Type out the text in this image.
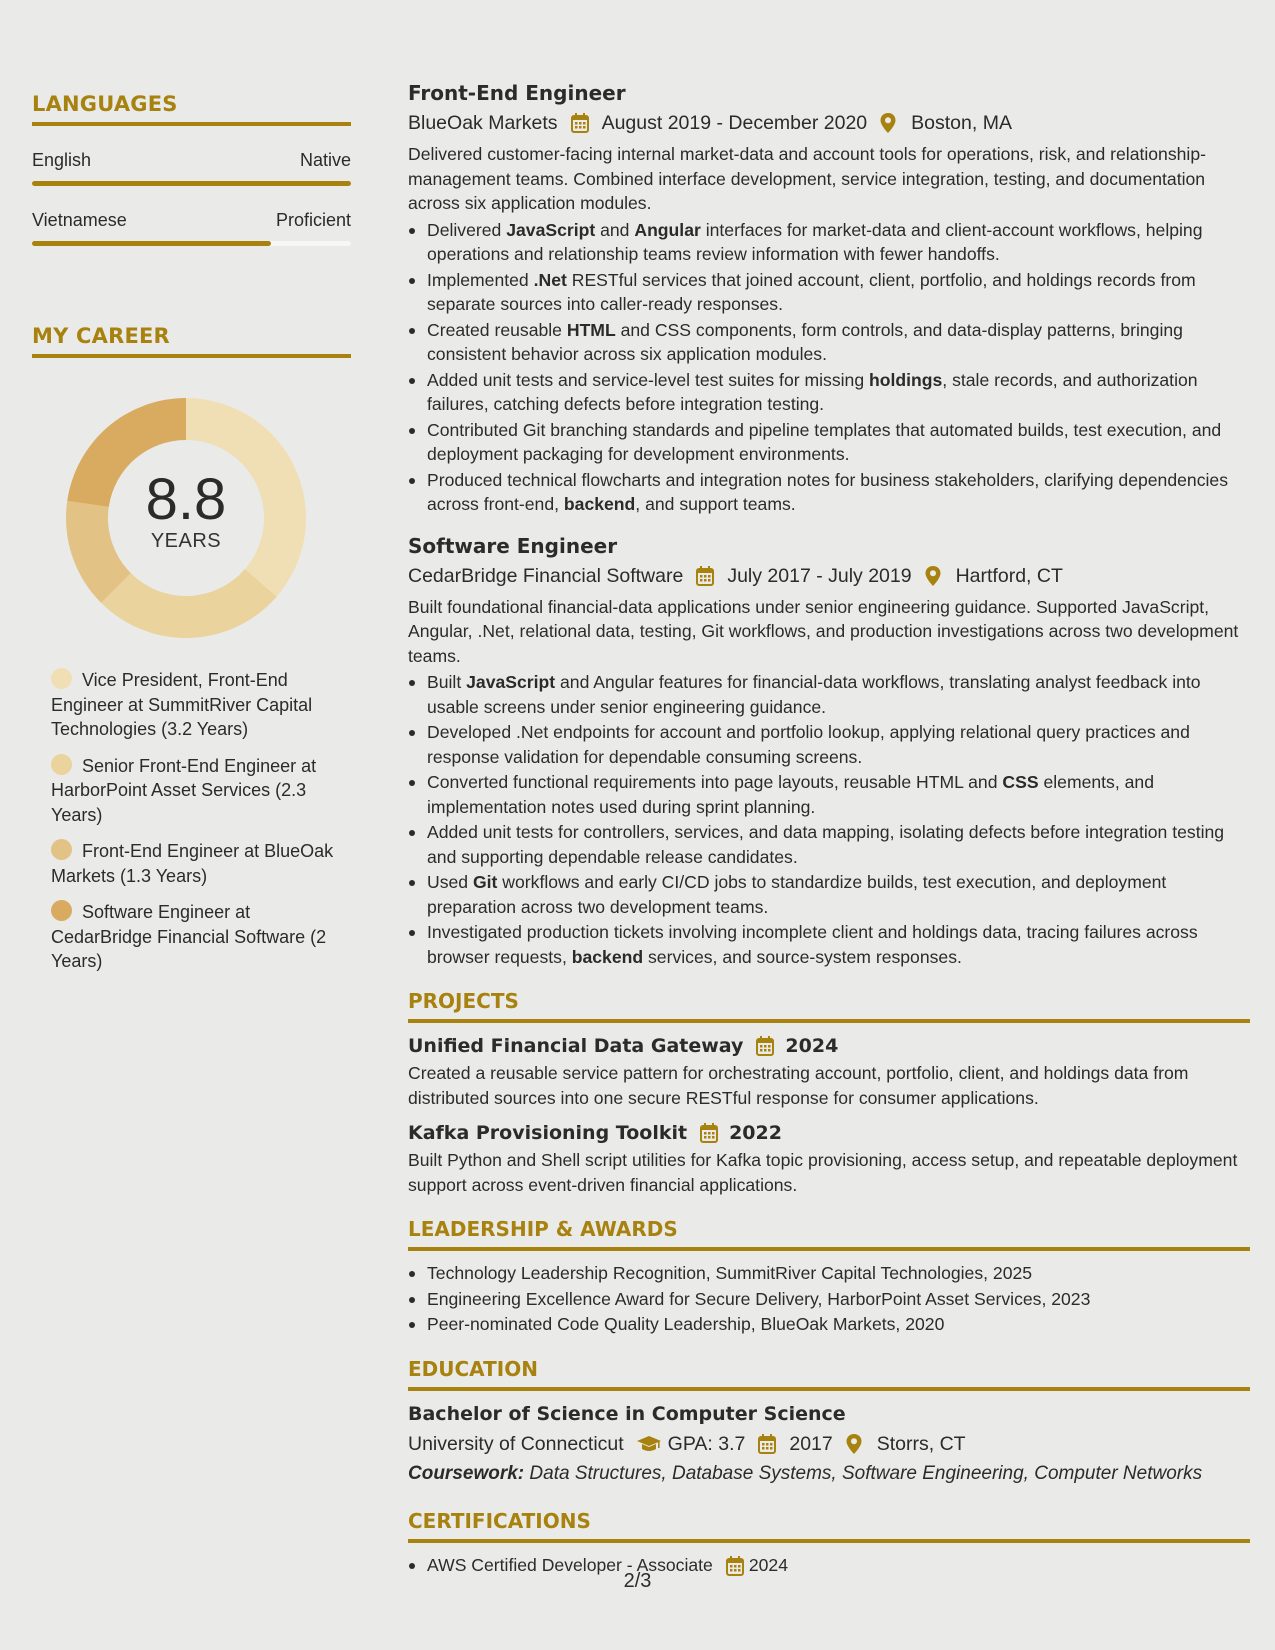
LANGUAGES
English	Native
Vietnamese	Proficient
MY CAREER
8.8
YEARS
Vice President, Front-End Engineer at SummitRiver Capital Technologies (3.2 Years)
Senior Front-End Engineer at HarborPoint Asset Services (2.3 Years)
Front-End Engineer at BlueOak Markets (1.3 Years)
Software Engineer at CedarBridge Financial Software (2 Years)
Front-End Engineer
BlueOak Markets August 2019 - December 2020 Boston, MA
Delivered customer-facing internal market-data and account tools for operations, risk, and relationship-management teams. Combined interface development, service integration, testing, and documentation across six application modules.
Delivered JavaScript and Angular interfaces for market-data and client-account workflows, helping operations and relationship teams review information with fewer handoffs.
Implemented .Net RESTful services that joined account, client, portfolio, and holdings records from separate sources into caller-ready responses.
Created reusable HTML and CSS components, form controls, and data-display patterns, bringing consistent behavior across six application modules.
Added unit tests and service-level test suites for missing holdings, stale records, and authorization failures, catching defects before integration testing.
Contributed Git branching standards and pipeline templates that automated builds, test execution, and deployment packaging for development environments.
Produced technical flowcharts and integration notes for business stakeholders, clarifying dependencies across front-end, backend, and support teams.
Software Engineer
CedarBridge Financial Software July 2017 - July 2019 Hartford, CT
Built foundational financial-data applications under senior engineering guidance. Supported JavaScript, Angular, .Net, relational data, testing, Git workflows, and production investigations across two development teams.
Built JavaScript and Angular features for financial-data workflows, translating analyst feedback into usable screens under senior engineering guidance.
Developed .Net endpoints for account and portfolio lookup, applying relational query practices and response validation for dependable consuming screens.
Converted functional requirements into page layouts, reusable HTML and CSS elements, and implementation notes used during sprint planning.
Added unit tests for controllers, services, and data mapping, isolating defects before integration testing and supporting dependable release candidates.
Used Git workflows and early CI/CD jobs to standardize builds, test execution, and deployment preparation across two development teams.
Investigated production tickets involving incomplete client and holdings data, tracing failures across browser requests, backend services, and source-system responses.
PROJECTS
Unified Financial Data Gateway 2024
Created a reusable service pattern for orchestrating account, portfolio, client, and holdings data from distributed sources into one secure RESTful response for consumer applications.
Kafka Provisioning Toolkit 2022
Built Python and Shell script utilities for Kafka topic provisioning, access setup, and repeatable deployment support across event-driven financial applications.
LEADERSHIP & AWARDS
Technology Leadership Recognition, SummitRiver Capital Technologies, 2025
Engineering Excellence Award for Secure Delivery, HarborPoint Asset Services, 2023
Peer-nominated Code Quality Leadership, BlueOak Markets, 2020
EDUCATION
Bachelor of Science in Computer Science
University of Connecticut GPA: 3.7 2017 Storrs, CT
Coursework: Data Structures, Database Systems, Software Engineering, Computer Networks
CERTIFICATIONS
AWS Certified Developer - Associate 2024
2/3
